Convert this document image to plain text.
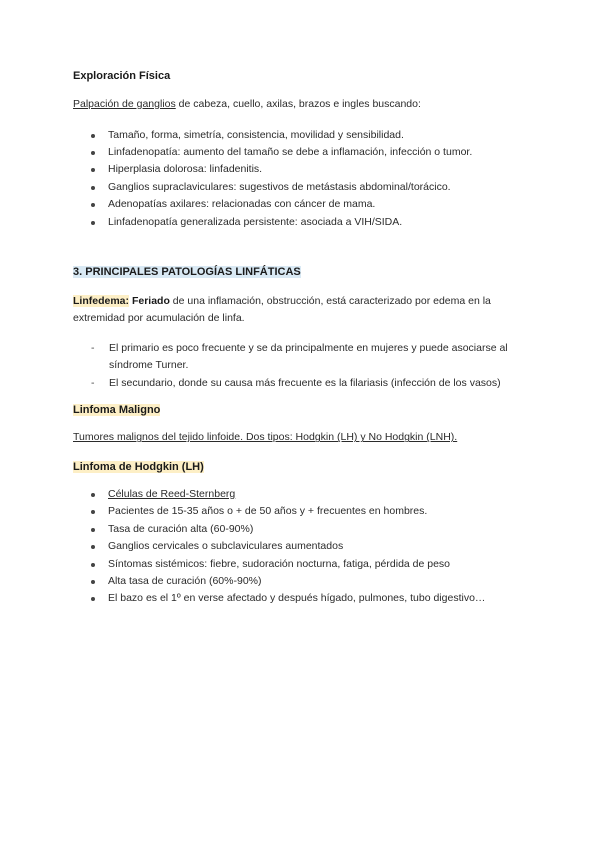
Exploración Física

Palpación de ganglios de cabeza, cuello, axilas, brazos e ingles buscando:

Tamaño, forma, simetría, consistencia, movilidad y sensibilidad.
Linfadenopatía: aumento del tamaño se debe a inflamación, infección o tumor.
Hiperplasia dolorosa: linfadenitis.
Ganglios supraclaviculares: sugestivos de metástasis abdominal/torácico.
Adenopatías axilares: relacionadas con cáncer de mama.
Linfadenopatía generalizada persistente: asociada a VIH/SIDA.
3. PRINCIPALES PATOLOGÍAS LINFÁTICAS

Linfedema: Feriado de una inflamación, obstrucción, está caracterizado por edema en la extremidad por acumulación de linfa.

- El primario es poco frecuente y se da principalmente en mujeres y puede asociarse al síndrome Turner.
- El secundario, donde su causa más frecuente es la filariasis (infección de los vasos)
Linfoma Maligno

Tumores malignos del tejido linfoide. Dos tipos: Hodgkin (LH) y No Hodgkin (LNH).

Linfoma de Hodgkin (LH)
Células de Reed-Sternberg
Pacientes de 15-35 años o + de 50 años y + frecuentes en hombres.
Tasa de curación alta (60-90%)
Ganglios cervicales o subclaviculares aumentados
Síntomas sistémicos: fiebre, sudoración nocturna, fatiga, pérdida de peso
Alta tasa de curación (60%-90%)
El bazo es el 1º en verse afectado y después hígado, pulmones, tubo digestivo…
